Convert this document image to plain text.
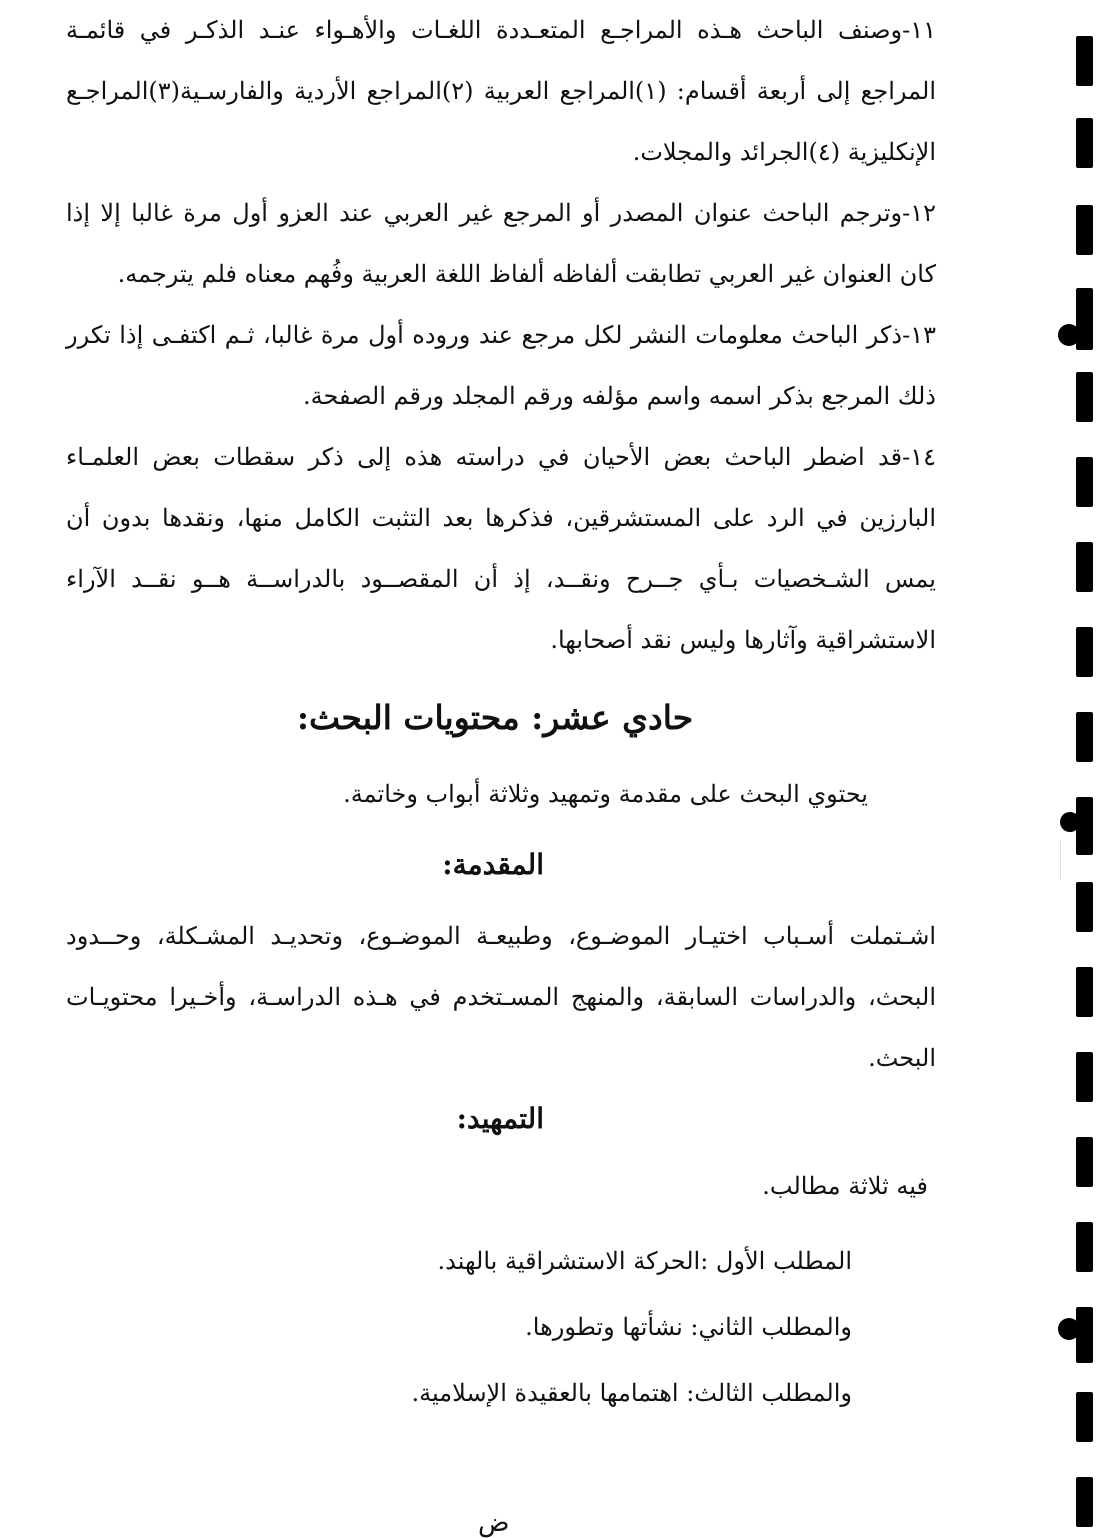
١١-وصنف الباحث هـذه المراجـع المتعـددة اللغـات والأهـواء عنـد الذكـر في قائمـة المراجع إلى أربعة أقسام: (١)المراجع العربية (٢)المراجع الأردية والفارسـية(٣)المراجـع الإنكليزية (٤)الجرائد والمجلات.

١٢-وترجم الباحث عنوان المصدر أو المرجع غير العربي عند العزو أول مرة غالبا إلا إذا كان العنوان غير العربي تطابقت ألفاظه ألفاظ اللغة العربية وفُهم معناه فلم يترجمه.

١٣-ذكر الباحث معلومات النشر لكل مرجع عند وروده أول مرة غالبا، ثـم اكتفـى إذا تكرر ذلك المرجع بذكر اسمه واسم مؤلفه ورقم المجلد ورقم الصفحة.

١٤-قد اضطر الباحث بعض الأحيان في دراسته هذه إلى ذكر سقطات بعض العلمـاء البارزين في الرد على المستشرقين، فذكرها بعد التثبت الكامل منها، ونقدها بدون أن يمس الشـخصيات بـأي جــرح ونقــد، إذ أن المقصــود بالدراســة هــو نقــد الآراء الاستشراقية وآثارها وليس نقد أصحابها.

حادي عشر: محتويات البحث:
يحتوي البحث على مقدمة وتمهيد وثلاثة أبواب وخاتمة.
المقدمة:

اشـتملت أسـباب اختيـار الموضـوع، وطبيعـة الموضـوع، وتحديـد المشـكلة، وحــدود البحث، والدراسات السابقة، والمنهج المسـتخدم في هـذه الدراسـة، وأخـيرا محتويـات البحث.

التمهيد:
فيه ثلاثة مطالب.
المطلب الأول :الحركة الاستشراقية بالهند.
والمطلب الثاني: نشأتها وتطورها.
والمطلب الثالث: اهتمامها بالعقيدة الإسلامية.
ض
